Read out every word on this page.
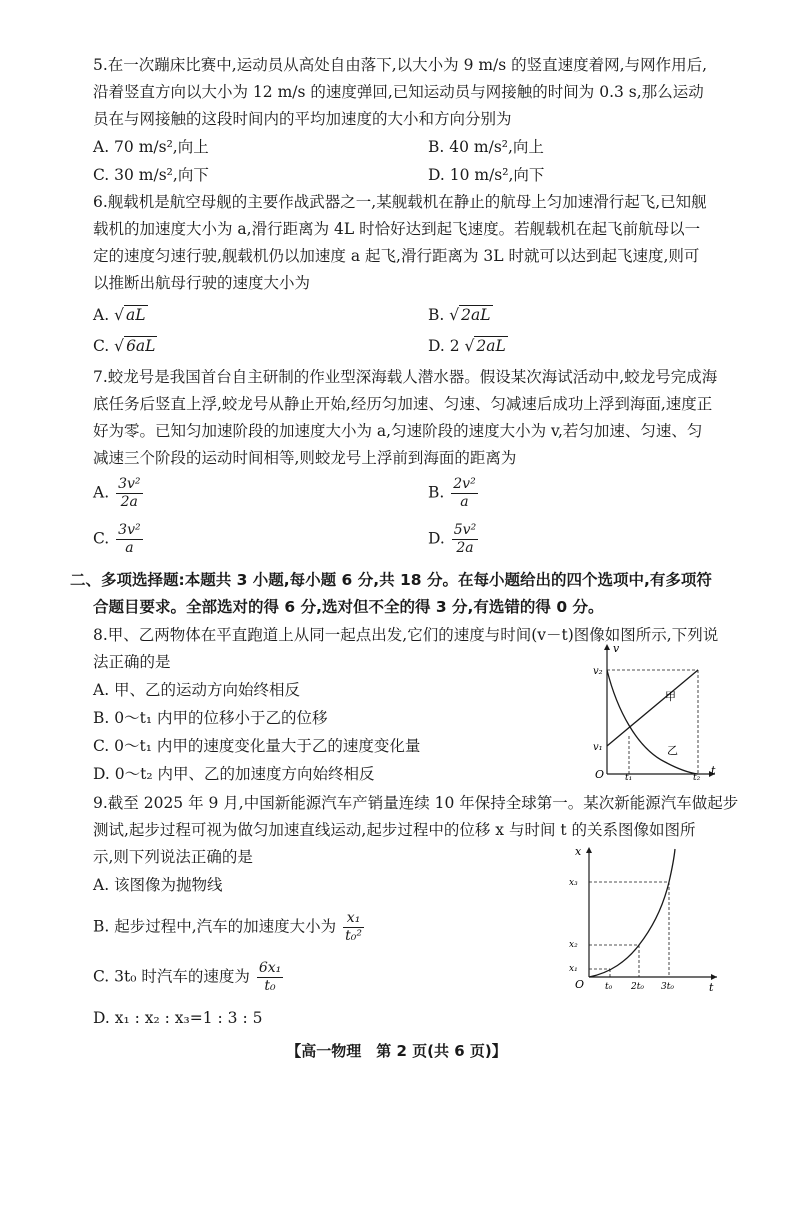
5.在一次蹦床比赛中,运动员从高处自由落下,以大小为 9 m/s 的竖直速度着网,与网作用后,
沿着竖直方向以大小为 12 m/s 的速度弹回,已知运动员与网接触的时间为 0.3 s,那么运动
员在与网接触的这段时间内的平均加速度的大小和方向分别为
A. 70 m/s²,向上	B. 40 m/s²,向上
C. 30 m/s²,向下	D. 10 m/s²,向下
6.舰载机是航空母舰的主要作战武器之一,某舰载机在静止的航母上匀加速滑行起飞,已知舰
载机的加速度大小为 a,滑行距离为 4L 时恰好达到起飞速度。若舰载机在起飞前航母以一
定的速度匀速行驶,舰载机仍以加速度 a 起飞,滑行距离为 3L 时就可以达到起飞速度,则可
以推断出航母行驶的速度大小为
A. √ aL	B. √ 2aL
C. √ 6aL	D. 2 √ 2aL
7.蛟龙号是我国首台自主研制的作业型深海载人潜水器。假设某次海试活动中,蛟龙号完成海
底任务后竖直上浮,蛟龙号从静止开始,经历匀加速、匀速、匀减速后成功上浮到海面,速度正
好为零。已知匀加速阶段的加速度大小为 a,匀速阶段的速度大小为 v,若匀加速、匀速、匀
减速三个阶段的运动时间相等,则蛟龙号上浮前到海面的距离为
A. $\frac{\text{3v²}}{2a}$	B. $\frac{\text{2v²}}{a}$
C. $\frac{\text{3v²}}{a}$	D. $\frac{\text{5v²}}{2a}$
二、多项选择题:本题共 3 小题,每小题 6 分,共 18 分。在每小题给出的四个选项中,有多项符
合题目要求。全部选对的得 6 分,选对但不全的得 3 分,有选错的得 0 分。
8.甲、乙两物体在平直跑道上从同一起点出发,它们的速度与时间(v－t)图像如图所示,下列说
法正确的是
A. 甲、乙的运动方向始终相反
B. 0～t₁ 内甲的位移小于乙的位移
C. 0～t₁ 内甲的速度变化量大于乙的速度变化量
D. 0～t₂ 内甲、乙的加速度方向始终相反
v
t
O
v₂
v₁
t₁	t₂
甲
乙
9.截至 2025 年 9 月,中国新能源汽车产销量连续 10 年保持全球第一。某次新能源汽车做起步
测试,起步过程可视为做匀加速直线运动,起步过程中的位移 x 与时间 t 的关系图像如图所
示,则下列说法正确的是
A. 该图像为抛物线
B. 起步过程中,汽车的加速度大小为 $\frac{\text{x₁}}{\text{t₀²}}$
C. 3t₀ 时汽车的速度为 $\frac{\text{6x₁}}{\text{t₀}}$
D. x₁ : x₂ : x₃=1 : 3 : 5
x
t
O
x₁
x₂
x₃
t₀ 2t₀ 3t₀
【高一物理　第 2 页(共 6 页)】
